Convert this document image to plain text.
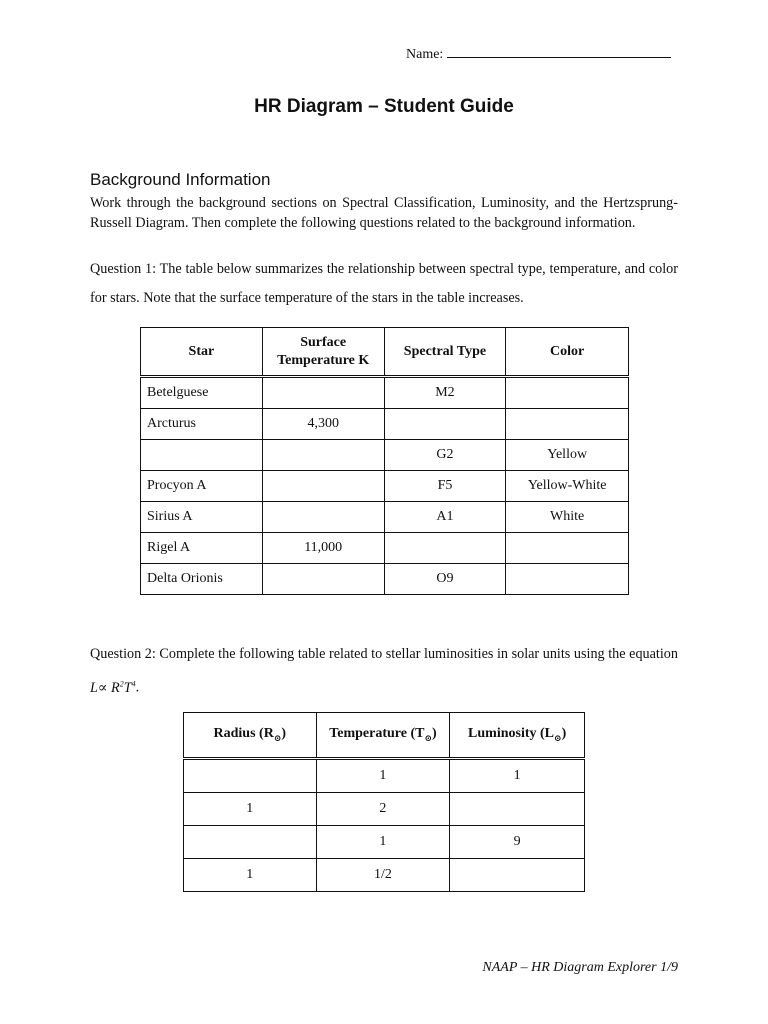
Name:
HR Diagram – Student Guide
Background Information
Work through the background sections on Spectral Classification, Luminosity, and the Hertzsprung-Russell Diagram. Then complete the following questions related to the background information.
Question 1: The table below summarizes the relationship between spectral type, temperature, and color for stars. Note that the surface temperature of the stars in the table increases.
Star	Surface Temperature K	Spectral Type	Color
Betelguese		M2	
Arcturus	4,300		
		G2	Yellow
Procyon A		F5	Yellow-White
Sirius A		A1	White
Rigel A	11,000		
Delta Orionis		O9	
Question 2: Complete the following table related to stellar luminosities in solar units using the equation $L\propto R^2T^4$.
Radius $(R_⊙)$	Temperature $(T_⊙)$	Luminosity $(L_⊙)$
	1	1
1	2	
	1	9
1	1/2	
NAAP – HR Diagram Explorer 1/9
